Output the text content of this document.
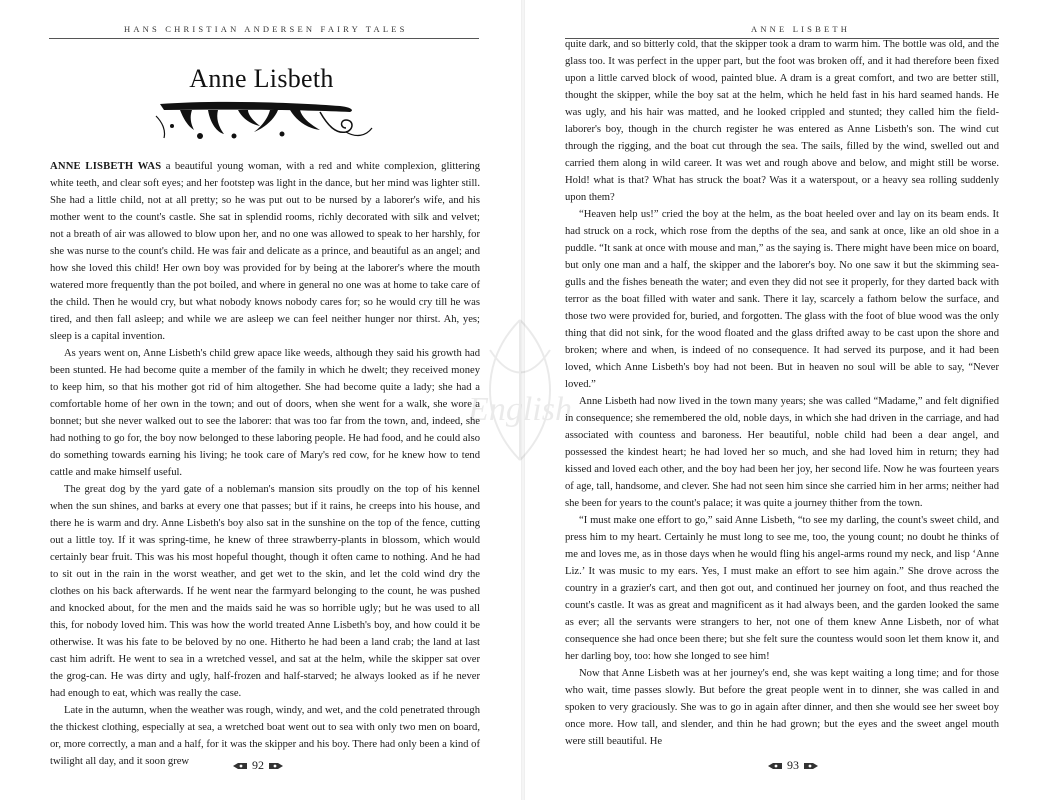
HANS CHRISTIAN ANDERSEN FAIRY TALES
Anne Lisbeth

ANNE LISBETH WAS a beautiful young woman, with a red and white complexion, glittering white teeth, and clear soft eyes; and her footstep was light in the dance, but her mind was lighter still. She had a little child, not at all pretty; so he was put out to be nursed by a laborer's wife, and his mother went to the count's castle. She sat in splendid rooms, richly decorated with silk and velvet; not a breath of air was allowed to blow upon her, and no one was allowed to speak to her harshly, for she was nurse to the count's child. He was fair and delicate as a prince, and beautiful as an angel; and how she loved this child! Her own boy was provided for by being at the laborer's where the mouth watered more frequently than the pot boiled, and where in general no one was at home to take care of the child. Then he would cry, but what nobody knows nobody cares for; so he would cry till he was tired, and then fall asleep; and while we are asleep we can feel neither hunger nor thirst. Ah, yes; sleep is a capital invention.

As years went on, Anne Lisbeth's child grew apace like weeds, although they said his growth had been stunted. He had become quite a member of the family in which he dwelt; they received money to keep him, so that his mother got rid of him altogether. She had become quite a lady; she had a comfortable home of her own in the town; and out of doors, when she went for a walk, she wore a bonnet; but she never walked out to see the laborer: that was too far from the town, and, indeed, she had nothing to go for, the boy now belonged to these laboring people. He had food, and he could also do something towards earning his living; he took care of Mary's red cow, for he knew how to tend cattle and make himself useful.

The great dog by the yard gate of a nobleman's mansion sits proudly on the top of his kennel when the sun shines, and barks at every one that passes; but if it rains, he creeps into his house, and there he is warm and dry. Anne Lisbeth's boy also sat in the sunshine on the top of the fence, cutting out a little toy. If it was spring-time, he knew of three strawberry-plants in blossom, which would certainly bear fruit. This was his most hopeful thought, though it often came to nothing. And he had to sit out in the rain in the worst weather, and get wet to the skin, and let the cold wind dry the clothes on his back afterwards. If he went near the farmyard belonging to the count, he was pushed and knocked about, for the men and the maids said he was so horrible ugly; but he was used to all this, for nobody loved him. This was how the world treated Anne Lisbeth's boy, and how could it be otherwise. It was his fate to be beloved by no one. Hitherto he had been a land crab; the land at last cast him adrift. He went to sea in a wretched vessel, and sat at the helm, while the skipper sat over the grog-can. He was dirty and ugly, half-frozen and half-starved; he always looked as if he never had enough to eat, which was really the case.

Late in the autumn, when the weather was rough, windy, and wet, and the cold penetrated through the thickest clothing, especially at sea, a wretched boat went out to sea with only two men on board, or, more correctly, a man and a half, for it was the skipper and his boy. There had only been a kind of twilight all day, and it soon grew	92
ANNE LISBETH

quite dark, and so bitterly cold, that the skipper took a dram to warm him. The bottle was old, and the glass too. It was perfect in the upper part, but the foot was broken off, and it had therefore been fixed upon a little carved block of wood, painted blue. A dram is a great comfort, and two are better still, thought the skipper, while the boy sat at the helm, which he held fast in his hard seamed hands. He was ugly, and his hair was matted, and he looked crippled and stunted; they called him the field-laborer's boy, though in the church register he was entered as Anne Lisbeth's son. The wind cut through the rigging, and the boat cut through the sea. The sails, filled by the wind, swelled out and carried them along in wild career. It was wet and rough above and below, and might still be worse. Hold! what is that? What has struck the boat? Was it a waterspout, or a heavy sea rolling suddenly upon them?

“Heaven help us!” cried the boy at the helm, as the boat heeled over and lay on its beam ends. It had struck on a rock, which rose from the depths of the sea, and sank at once, like an old shoe in a puddle. “It sank at once with mouse and man,” as the saying is. There might have been mice on board, but only one man and a half, the skipper and the laborer's boy. No one saw it but the skimming sea-gulls and the fishes beneath the water; and even they did not see it properly, for they darted back with terror as the boat filled with water and sank. There it lay, scarcely a fathom below the surface, and those two were provided for, buried, and forgotten. The glass with the foot of blue wood was the only thing that did not sink, for the wood floated and the glass drifted away to be cast upon the shore and broken; where and when, is indeed of no consequence. It had served its purpose, and it had been loved, which Anne Lisbeth's boy had not been. But in heaven no soul will be able to say, “Never loved.”

Anne Lisbeth had now lived in the town many years; she was called “Madame,” and felt dignified in consequence; she remembered the old, noble days, in which she had driven in the carriage, and had associated with countess and baroness. Her beautiful, noble child had been a dear angel, and possessed the kindest heart; he had loved her so much, and she had loved him in return; they had kissed and loved each other, and the boy had been her joy, her second life. Now he was fourteen years of age, tall, handsome, and clever. She had not seen him since she carried him in her arms; neither had she been for years to the count's palace; it was quite a journey thither from the town.

“I must make one effort to go,” said Anne Lisbeth, “to see my darling, the count's sweet child, and press him to my heart. Certainly he must long to see me, too, the young count; no doubt he thinks of me and loves me, as in those days when he would fling his angel-arms round my neck, and lisp ‘Anne Liz.’ It was music to my ears. Yes, I must make an effort to see him again.” She drove across the country in a grazier's cart, and then got out, and continued her journey on foot, and thus reached the count's castle. It was as great and magnificent as it had always been, and the garden looked the same as ever; all the servants were strangers to her, not one of them knew Anne Lisbeth, nor of what consequence she had once been there; but she felt sure the countess would soon let them know it, and her darling boy, too: how she longed to see him!

Now that Anne Lisbeth was at her journey's end, she was kept waiting a long time; and for those who wait, time passes slowly. But before the great people went in to dinner, she was called in and spoken to very graciously. She was to go in again after dinner, and then she would see her sweet boy once more. How tall, and slender, and thin he had grown; but the eyes and the sweet angel mouth were still beautiful. He

93
English
